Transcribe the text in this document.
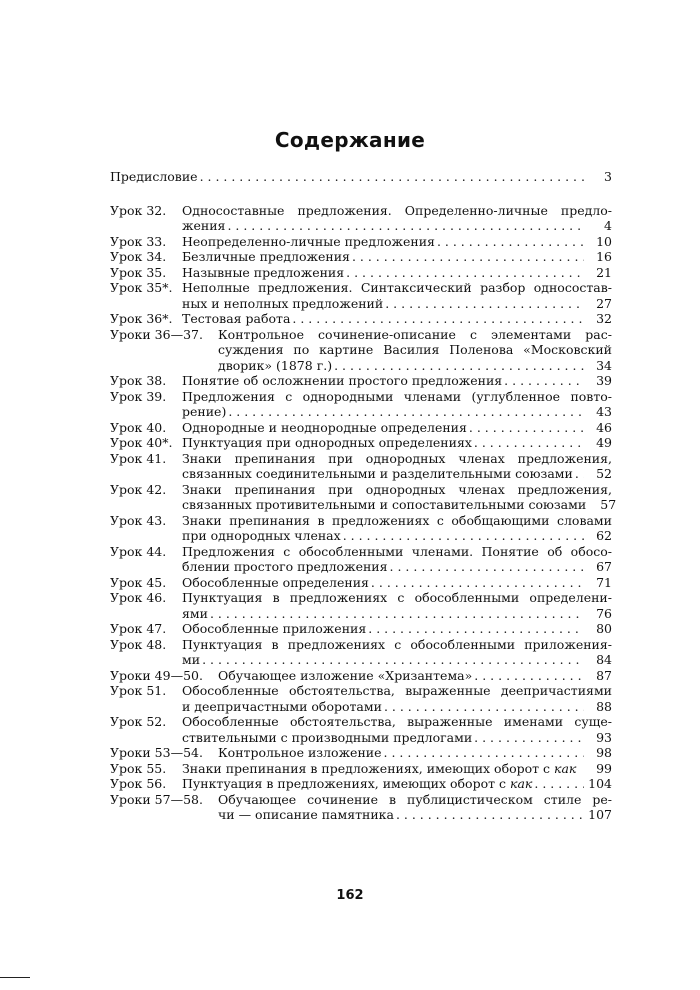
Содержание
Предисловие . . .	3
Урок 32.	Односоставные предложения. Определенно-личные предло-
жения . . .	4
Урок 33.	Неопределенно-личные предложения . . .	10
Урок 34.	Безличные предложения . . .	16
Урок 35.	Назывные предложения . . .	21
Урок 35*. Неполные предложения. Синтаксический разбор односостав-
ных и неполных предложений . . .	27
Урок 36*. Тестовая работа . . .	32
Уроки 36—37.	Контрольное сочинение-описание с элементами рас-
суждения по картине Василия Поленова «Московский
дворик» (1878 г.) . . .	34
Урок 38.	Понятие об осложнении простого предложения . . .	39
Урок 39.	Предложения с однородными членами (углубленное повто-
рение) . . .	43
Урок 40.	Однородные и неоднородные определения . . .	46
Урок 40*. Пунктуация при однородных определениях . . .	49
Урок 41.	Знаки препинания при однородных членах предложения,
связанных соединительными и разделительными союзами . . .	52
Урок 42.	Знаки препинания при однородных членах предложения,
связанных противительными и сопоставительными союзами	57
Урок 43.	Знаки препинания в предложениях с обобщающими словами
при однородных членах . . .	62
Урок 44.	Предложения с обособленными членами. Понятие об обосо-
блении простого предложения . . .	67
Урок 45.	Обособленные определения . . .	71
Урок 46.	Пунктуация в предложениях с обособленными определени-
ями . . .	76
Урок 47.	Обособленные приложения . . .	80
Урок 48.	Пунктуация в предложениях с обособленными приложения-
ми . . .	84
Уроки 49—50.	Обучающее изложение «Хризантема» . . .	87
Урок 51.	Обособленные обстоятельства, выраженные деепричастиями
и деепричастными оборотами . . .	88
Урок 52.	Обособленные обстоятельства, выраженные именами суще-
ствительными с производными предлогами . . .	93
Уроки 53—54.	Контрольное изложение . . .	98
Урок 55.	Знаки препинания в предложениях, имеющих оборот с как	99
Урок 56.	Пунктуация в предложениях, имеющих оборот с как . . .	104
Уроки 57—58.	Обучающее сочинение в публицистическом стиле ре-
чи — описание памятника . . .	107
162
